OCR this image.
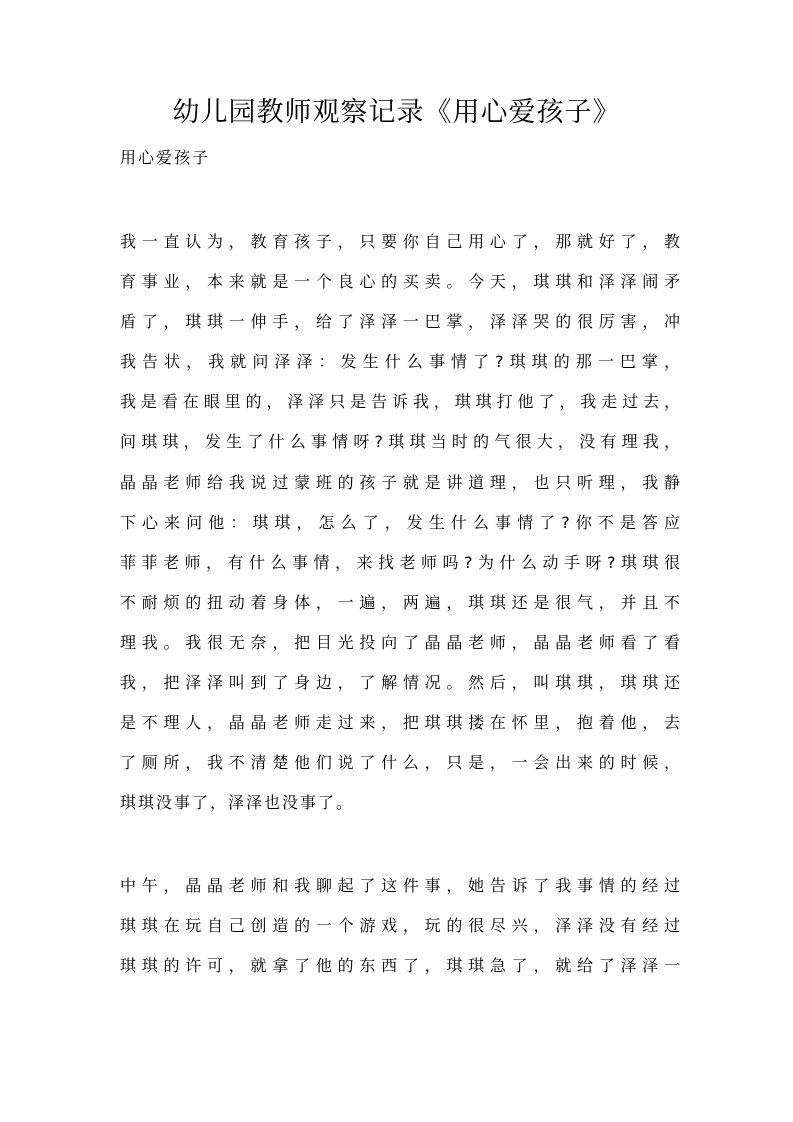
幼儿园教师观察记录《用心爱孩子》

用心爱孩子

我一直认为，教育孩子，只要你自己用心了，那就好了，教
育事业，本来就是一个良心的买卖。今天，琪琪和泽泽闹矛
盾了，琪琪一伸手，给了泽泽一巴掌，泽泽哭的很厉害，冲
我告状，我就问泽泽：发生什么事情了?琪琪的那一巴掌，
我是看在眼里的，泽泽只是告诉我，琪琪打他了，我走过去，
问琪琪，发生了什么事情呀?琪琪当时的气很大，没有理我，
晶晶老师给我说过蒙班的孩子就是讲道理，也只听理，我静
下心来问他：琪琪，怎么了，发生什么事情了?你不是答应
菲菲老师，有什么事情，来找老师吗?为什么动手呀?琪琪很
不耐烦的扭动着身体，一遍，两遍，琪琪还是很气，并且不
理我。我很无奈，把目光投向了晶晶老师，晶晶老师看了看
我，把泽泽叫到了身边，了解情况。然后，叫琪琪，琪琪还
是不理人，晶晶老师走过来，把琪琪搂在怀里，抱着他，去
了厕所，我不清楚他们说了什么，只是，一会出来的时候，
琪琪没事了，泽泽也没事了。
中午，晶晶老师和我聊起了这件事，她告诉了我事情的经过
琪琪在玩自己创造的一个游戏，玩的很尽兴，泽泽没有经过
琪琪的许可，就拿了他的东西了，琪琪急了，就给了泽泽一
